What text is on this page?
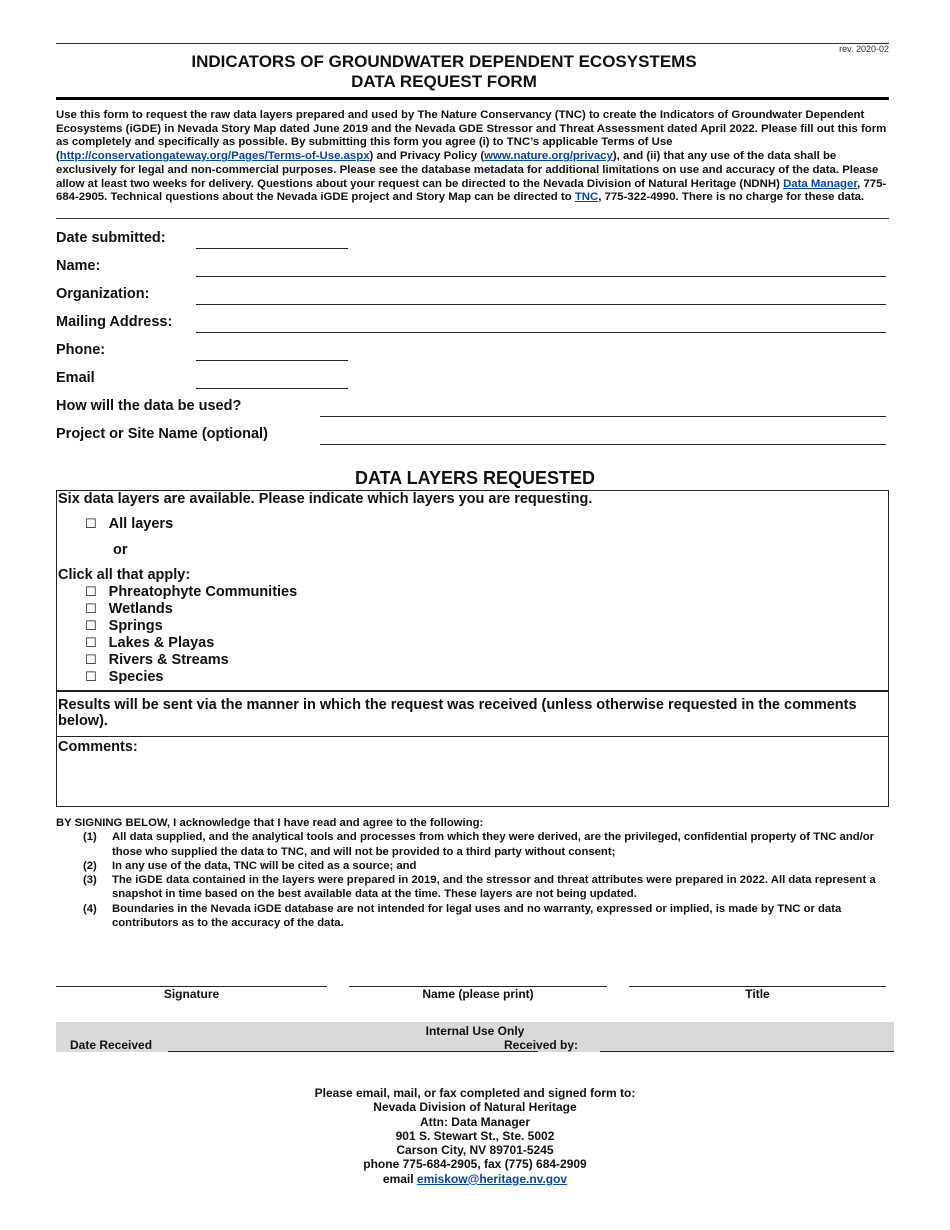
rev. 2020-02
INDICATORS OF GROUNDWATER DEPENDENT ECOSYSTEMS
DATA REQUEST FORM
Use this form to request the raw data layers prepared and used by The Nature Conservancy (TNC) to create the Indicators of Groundwater Dependent Ecosystems (iGDE) in Nevada Story Map dated June 2019 and the Nevada GDE Stressor and Threat Assessment dated April 2022. Please fill out this form as completely and specifically as possible. By submitting this form you agree (i) to TNC’s applicable Terms of Use (http://conservationgateway.org/Pages/Terms-of-Use.aspx) and Privacy Policy (www.nature.org/privacy), and (ii) that any use of the data shall be exclusively for legal and non-commercial purposes. Please see the database metadata for additional limitations on use and accuracy of the data. Please allow at least two weeks for delivery. Questions about your request can be directed to the Nevada Division of Natural Heritage (NDNH) Data Manager, 775-684-2905. Technical questions about the Nevada iGDE project and Story Map can be directed to TNC, 775-322-4990. There is no charge for these data.
Date submitted:
Name:
Organization:
Mailing Address:
Phone:
Email
How will the data be used?
Project or Site Name (optional)
DATA LAYERS REQUESTED
Six data layers are available. Please indicate which layers you are requesting.
☐ All layers
or
Click all that apply:
☐ Phreatophyte Communities
☐ Wetlands
☐ Springs
☐ Lakes & Playas
☐ Rivers & Streams
☐ Species
Results will be sent via the manner in which the request was received (unless otherwise requested in the comments below).
Comments:
BY SIGNING BELOW, I acknowledge that I have read and agree to the following:
(1) All data supplied, and the analytical tools and processes from which they were derived, are the privileged, confidential property of TNC and/or those who supplied the data to TNC, and will not be provided to a third party without consent;
(2) In any use of the data, TNC will be cited as a source; and
(3) The iGDE data contained in the layers were prepared in 2019, and the stressor and threat attributes were prepared in 2022. All data represent a snapshot in time based on the best available data at the time. These layers are not being updated.
(4) Boundaries in the Nevada iGDE database are not intended for legal uses and no warranty, expressed or implied, is made by TNC or data contributors as to the accuracy of the data.
Signature	Name (please print)	Title
Internal Use Only
Date Received	Received by:
Please email, mail, or fax completed and signed form to:
Nevada Division of Natural Heritage
Attn: Data Manager
901 S. Stewart St., Ste. 5002
Carson City, NV 89701-5245
phone 775-684-2905, fax (775) 684-2909
email emiskow@heritage.nv.gov
